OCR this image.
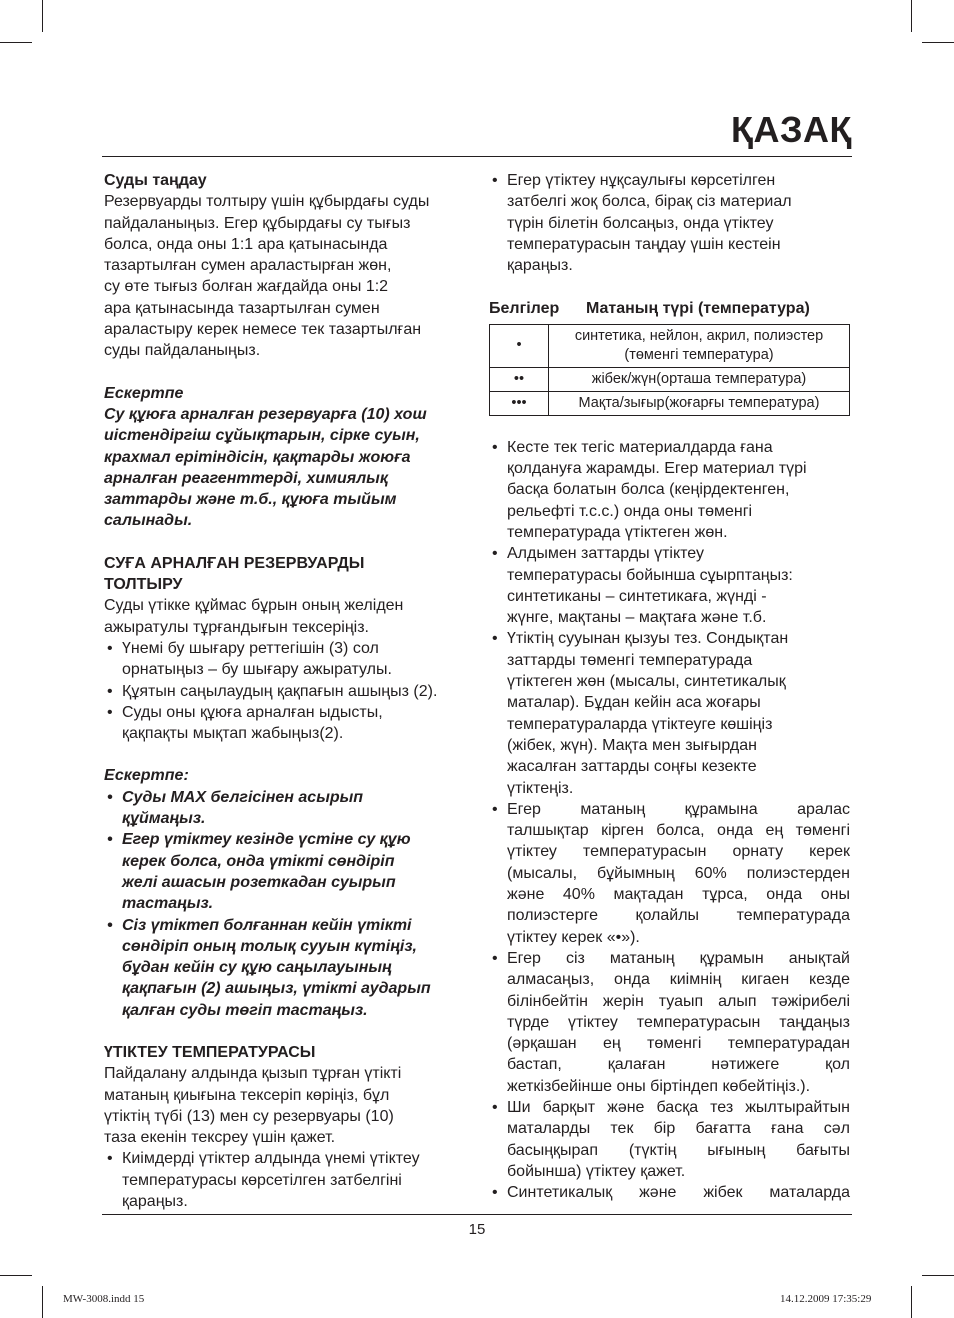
ҚАЗАҚ

Суды таңдау

Резервуарды толтыру үшін құбырдағы суды

пайдаланыңыз. Егер құбырдағы су тығыз

болса, онда оны 1:1 ара қатынасында

тазартылған сумен араластырған жөн,

су өте тығыз болған жағдайда оны 1:2

ара қатынасында тазартылған сумен

араластыру керек немесе тек тазартылған

суды пайдаланыңыз.

Ескертпе

Су құюға арналған резервуарға (10) хош

иістендіргіш сұйықтарын, сірке суын,

крахмал ерітіндісін, қақтарды жоюға

арналған реагенттерді, химиялық

заттарды және т.б., құюға тыйым

салынады.

СУҒА АРНАЛҒАН РЕЗЕРВУАРДЫ

ТОЛТЫРУ

Суды үтікке құймас бұрын оның желіден

ажыратулы тұрғандығын тексеріңіз.

• Үнемі бу шығару реттегішін (3) сол
орнатыңыз – бу шығару ажыратулы.
• Құятын саңылаудың қақпағын ашыңыз (2).
• Суды оны құюға арналған ыдысты,
қақпақты мықтап жабыңыз(2).

Ескертпе:

• Суды MAX белгісінен асырып
құймаңыз.
• Егер үтіктеу кезінде үстіне су құю
керек болса, онда үтікті сөндіріп
желі ашасын розеткадан суырып
тастаңыз.
• Сіз үтіктеп болғаннан кейін үтікті
сөндіріп оның толық сууын күтіңіз,
бұдан кейін су құю саңылауының
қақпағын (2) ашыңыз, үтікті аударып
қалған суды төгіп тастаңыз.

ҮТІКТЕУ ТЕМПЕРАТУРАСЫ

Пайдалану алдында қызып тұрған үтікті

матаның қиығына тексеріп көріңіз, бұл

үтіктің түбі (13) мен су резервуары (10)

таза екенін тексреу үшін қажет.

• Киімдерді үтіктер алдында үнемі үтіктеу
температурасы көрсетілген затбелгіні
қараңыз.
• Егер үтіктеу нұқсаулығы көрсетілген
затбелгі жоқ болса, бірақ сіз материал
түрін білетін болсаңыз, онда үтіктеу
температурасын таңдау үшін кестеін
қараңыз.
Белгілер Матаның түрі (температура)
•	синтетика, нейлон, акрил, полиэстер
(төменгі температура)
••	жібек/жүн(орташа температура)
•••	Мақта/зығыр(жоғарғы температура)
• Кесте тек тегіс материалдарда ғана
қолдануға жарамды. Егер материал түрі
басқа болатын болса (кеңірдектенген,
рельефті т.с.с.) онда оны төменгі
температурада үтіктеген жөн.
• Алдымен заттарды үтіктеу
температурасы бойынша сұырптаңыз:
синтетиканы – синтетикаға, жүнді -
жүнге, мақтаны – мақтаға және т.б.
• Үтіктің сууынан қызуы тез. Сондықтан
заттарды төменгі температурада
үтіктеген жөн (мысалы, синтетикалық
маталар). Бұдан кейін аса жоғары
температураларда үтіктеуге көшіңіз
(жібек, жүн). Мақта мен зығырдан
жасалған заттарды соңғы кезекте
үтіктеңіз.
• Егер матаның құрамына аралас
талшықтар кірген болса, онда ең төменгі
үтіктеу температурасын орнату керек
(мысалы, бұйымның 60% полиэстерден
және 40% мақтадан тұрса, онда оны
полиэстерге қолайлы температурада
үтіктеу керек «•»).
• Егер сіз матаның құрамын анықтай
алмасаңыз, онда киімнің кигаен кезде
білінбейтін жерін туаып алып тәжірибелі
түрде үтіктеу температурасын таңдаңыз
(әрқашан ең төменгі температурадан
бастап, қалаған нәтижеге қол
жеткізбейінше оны біртіндеп көбейтіңіз.).
• Ши барқыт және басқа тез жылтырайтын
маталарды тек бір бағатта ғана сәл
басыңқырап (түктің ығының бағыты
бойынша) үтіктеу қажет.
• Синтетикалық және жібек маталарда
15
MW-3008.indd 15	14.12.2009 17:35:29
